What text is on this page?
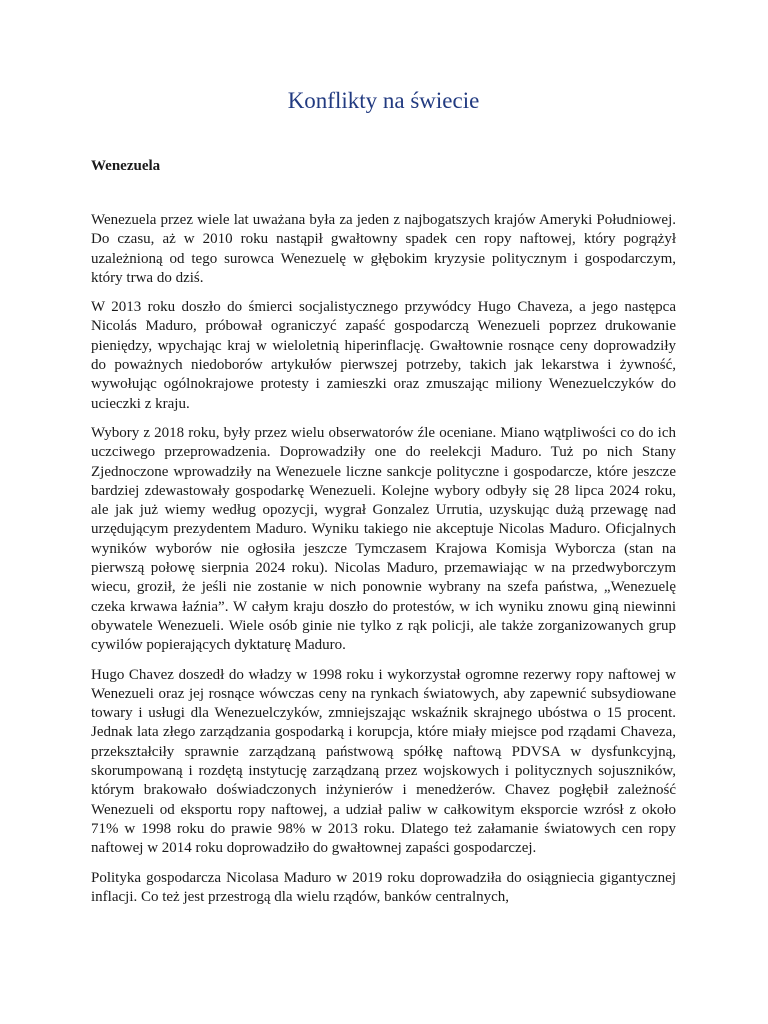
Konflikty na świecie
Wenezuela

Wenezuela przez wiele lat uważana była za jeden z najbogatszych krajów Ameryki Południowej. Do czasu, aż w 2010 roku nastąpił gwałtowny spadek cen ropy naftowej, który pogrążył uzależnioną od tego surowca Wenezuelę w głębokim kryzysie politycznym i gospodarczym, który trwa do dziś.

W 2013 roku doszło do śmierci socjalistycznego przywódcy Hugo Chaveza, a jego następca Nicolás Maduro, próbował ograniczyć zapaść gospodarczą Wenezueli poprzez drukowanie pieniędzy, wpychając kraj w wieloletnią hiperinflację. Gwałtownie rosnące ceny doprowadziły do poważnych niedoborów artykułów pierwszej potrzeby, takich jak lekarstwa i żywność, wywołując ogólnokrajowe protesty i zamieszki oraz zmuszając miliony Wenezuelczyków do ucieczki z kraju.

Wybory z 2018 roku, były przez wielu obserwatorów źle oceniane. Miano wątpliwości co do ich uczciwego przeprowadzenia. Doprowadziły one do reelekcji Maduro. Tuż po nich Stany Zjednoczone wprowadziły na Wenezuele liczne sankcje polityczne i gospodarcze, które jeszcze bardziej zdewastowały gospodarkę Wenezueli. Kolejne wybory odbyły się 28 lipca 2024 roku, ale jak już wiemy według opozycji, wygrał Gonzalez Urrutia, uzyskując dużą przewagę nad urzędującym prezydentem Maduro. Wyniku takiego nie akceptuje Nicolas Maduro. Oficjalnych wyników wyborów nie ogłosiła jeszcze Tymczasem Krajowa Komisja Wyborcza (stan na pierwszą połowę sierpnia 2024 roku). Nicolas Maduro, przemawiając w na przedwyborczym wiecu, groził, że jeśli nie zostanie w nich ponownie wybrany na szefa państwa, „Wenezuelę czeka krwawa łaźnia”. W całym kraju doszło do protestów, w ich wyniku znowu giną niewinni obywatele Wenezueli. Wiele osób ginie nie tylko z rąk policji, ale także zorganizowanych grup cywilów popierających dyktaturę Maduro.

Hugo Chavez doszedł do władzy w 1998 roku i wykorzystał ogromne rezerwy ropy naftowej w Wenezueli oraz jej rosnące wówczas ceny na rynkach światowych, aby zapewnić subsydiowane towary i usługi dla Wenezuelczyków, zmniejszając wskaźnik skrajnego ubóstwa o 15 procent. Jednak lata złego zarządzania gospodarką i korupcja, które miały miejsce pod rządami Chaveza, przekształciły sprawnie zarządzaną państwową spółkę naftową PDVSA w dysfunkcyjną, skorumpowaną i rozdętą instytucję zarządzaną przez wojskowych i politycznych sojuszników, którym brakowało doświadczonych inżynierów i menedżerów. Chavez pogłębił zależność Wenezueli od eksportu ropy naftowej, a udział paliw w całkowitym eksporcie wzrósł z około 71% w 1998 roku do prawie 98% w 2013 roku. Dlatego też załamanie światowych cen ropy naftowej w 2014 roku doprowadziło do gwałtownej zapaści gospodarczej.

Polityka gospodarcza Nicolasa Maduro w 2019 roku doprowadziła do osiągniecia gigantycznej inflacji. Co też jest przestrogą dla wielu rządów, banków centralnych,
